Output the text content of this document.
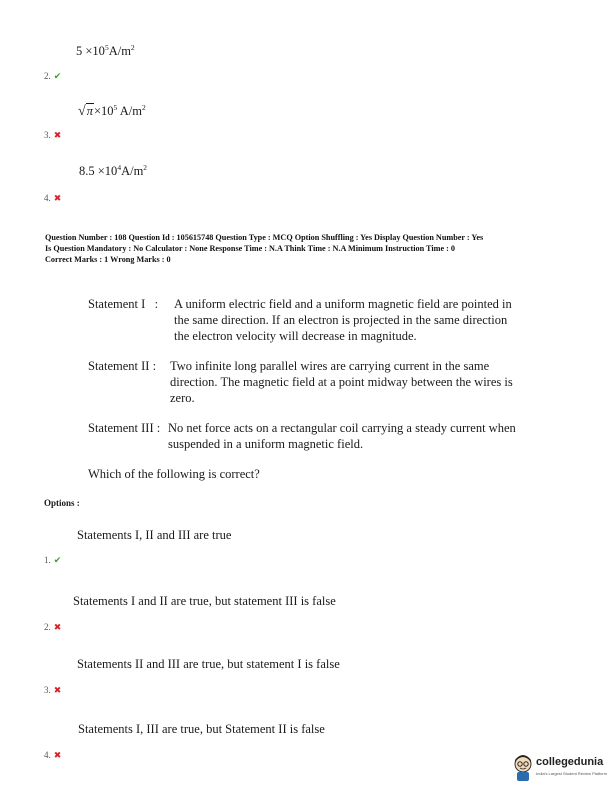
$5 \times 10^5A/m^2$
2. ✔
$√\pi\times 10^5$ $A/m^2$
3. ✖
$8.5 \times 10^4A/m^2$
4. ✖
Question Number : 108 Question Id : 105615748 Question Type : MCQ Option Shuffling : Yes Display Question Number : Yes
Is Question Mandatory : No Calculator : None Response Time : N.A Think Time : N.A Minimum Instruction Time : 0
Correct Marks : 1 Wrong Marks : 0
Statement I : A uniform electric field and a uniform magnetic field are pointed in
the same direction. If an electron is projected in the same direction
the electron velocity will decrease in magnitude.
Statement II : Two infinite long parallel wires are carrying current in the same
direction. The magnetic field at a point midway between the wires is
zero.
Statement III : No net force acts on a rectangular coil carrying a steady current when
suspended in a uniform magnetic field.
Which of the following is correct?
Options :
Statements I, II and III are true
1. ✔
Statements I and II are true, but statement III is false
2. ✖
Statements II and III are true, but statement I is false
3. ✖
Statements I, III are true, but Statement II is false
4. ✖
collegedunia
India's Largest Student Review Platform
